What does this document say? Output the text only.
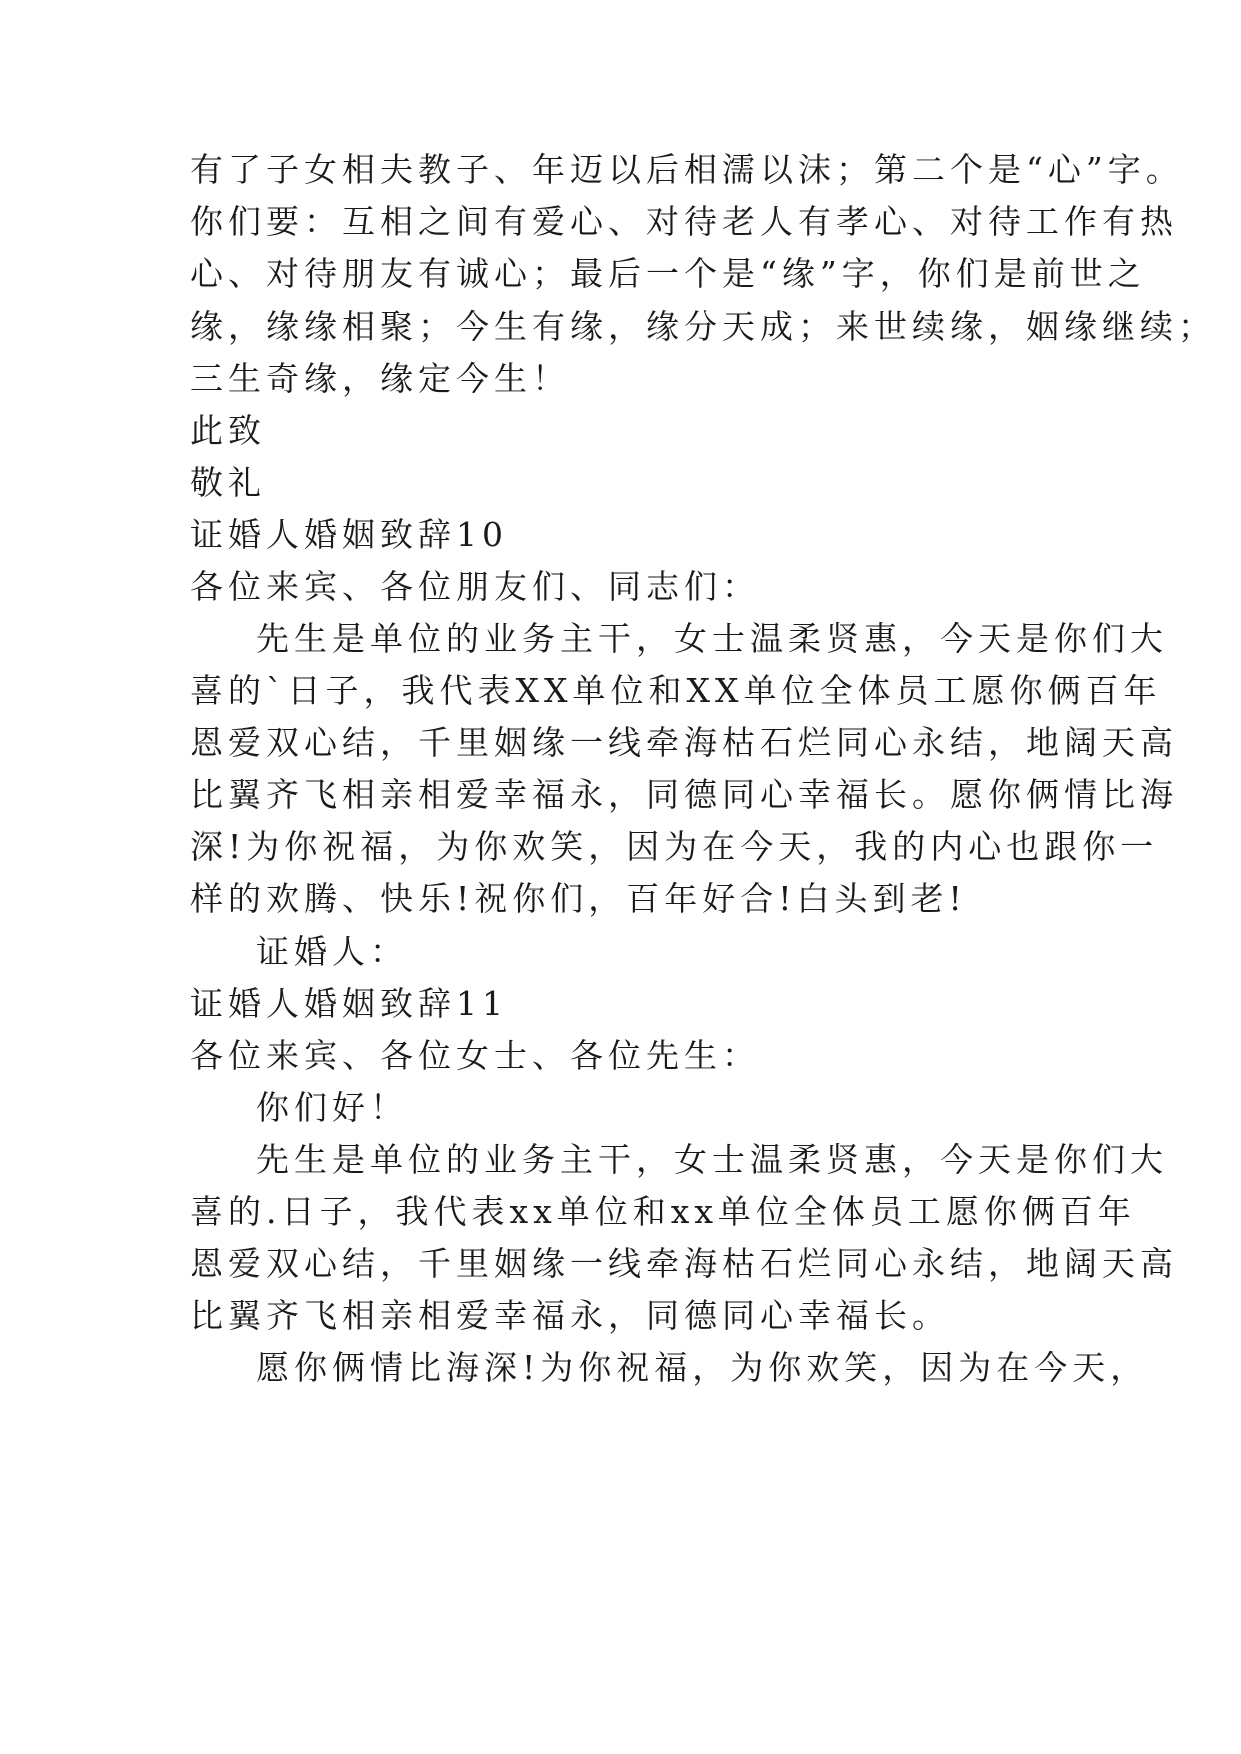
有了子女相夫教子、年迈以后相濡以沫；第二个是“心”字。

你们要：互相之间有爱心、对待老人有孝心、对待工作有热

心、对待朋友有诚心；最后一个是“缘”字，你们是前世之

缘，缘缘相聚；今生有缘，缘分天成；来世续缘，姻缘继续；

三生奇缘，缘定今生！

此致

敬礼

证婚人婚姻致辞10

各位来宾、各位朋友们、同志们：

先生是单位的业务主干，女士温柔贤惠，今天是你们大

喜的`日子，我代表XX单位和XX单位全体员工愿你俩百年

恩爱双心结，千里姻缘一线牵海枯石烂同心永结，地阔天高

比翼齐飞相亲相爱幸福永，同德同心幸福长。愿你俩情比海

深!为你祝福，为你欢笑，因为在今天，我的内心也跟你一

样的欢腾、快乐!祝你们，百年好合!白头到老!

证婚人：

证婚人婚姻致辞11

各位来宾、各位女士、各位先生：

你们好！

先生是单位的业务主干，女士温柔贤惠，今天是你们大

喜的.日子，我代表xx单位和xx单位全体员工愿你俩百年

恩爱双心结，千里姻缘一线牵海枯石烂同心永结，地阔天高

比翼齐飞相亲相爱幸福永，同德同心幸福长。

愿你俩情比海深!为你祝福，为你欢笑，因为在今天，
